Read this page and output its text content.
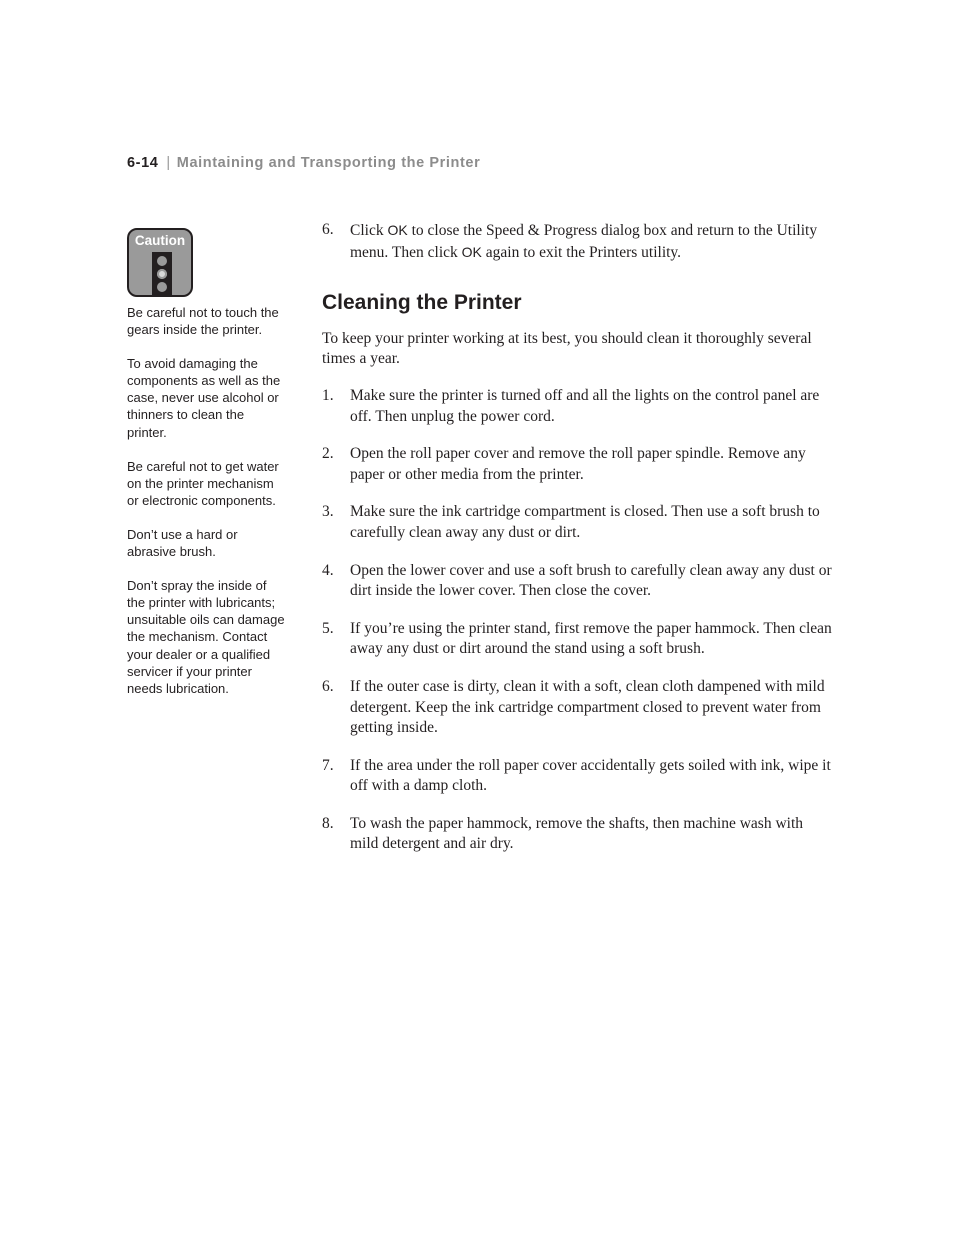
6-14 | Maintaining and Transporting the Printer
Caution

Be careful not to touch the gears inside the printer.

To avoid damaging the components as well as the case, never use alcohol or thinners to clean the printer.

Be careful not to get water on the printer mechanism or electronic components.

Don’t use a hard or abrasive brush.

Don’t spray the inside of the printer with lubricants; unsuitable oils can damage the mechanism. Contact your dealer or a qualified servicer if your printer needs lubrication.

6. Click OK to close the Speed & Progress dialog box and return to the Utility menu. Then click OK again to exit the Printers utility.
Cleaning the Printer

To keep your printer working at its best, you should clean it thoroughly several times a year.

1. Make sure the printer is turned off and all the lights on the control panel are off. Then unplug the power cord.
2. Open the roll paper cover and remove the roll paper spindle. Remove any paper or other media from the printer.
3. Make sure the ink cartridge compartment is closed. Then use a soft brush to carefully clean away any dust or dirt.
4. Open the lower cover and use a soft brush to carefully clean away any dust or dirt inside the lower cover. Then close the cover.
5. If you’re using the printer stand, first remove the paper hammock. Then clean away any dust or dirt around the stand using a soft brush.
6. If the outer case is dirty, clean it with a soft, clean cloth dampened with mild detergent. Keep the ink cartridge compartment closed to prevent water from getting inside.
7. If the area under the roll paper cover accidentally gets soiled with ink, wipe it off with a damp cloth.
8. To wash the paper hammock, remove the shafts, then machine wash with mild detergent and air dry.
